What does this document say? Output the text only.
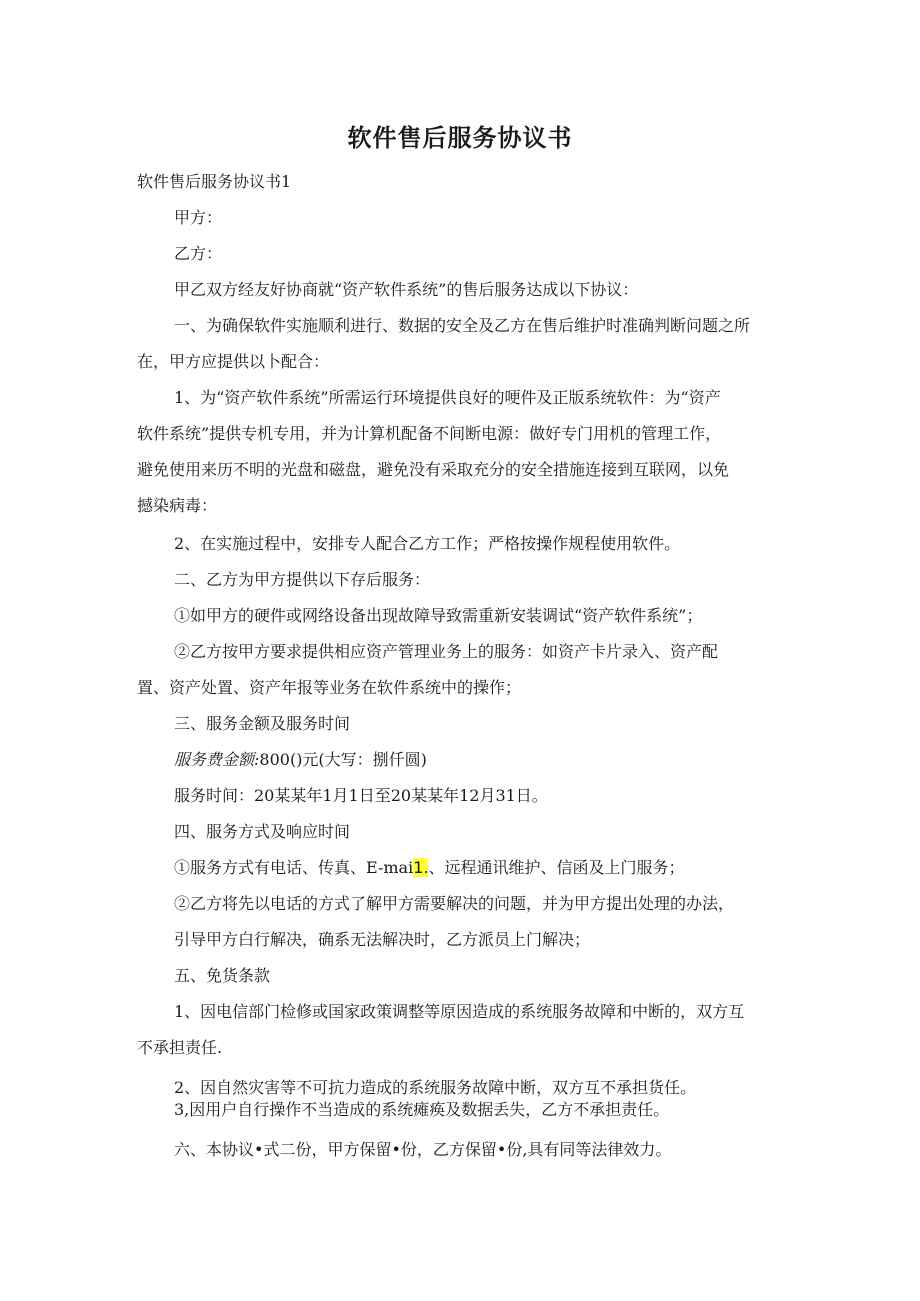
软件售后服务协议书
软件售后服务协议书1
甲方：
乙方：
甲乙双方经友好协商就“资产软件系统”的售后服务达成以下协议：
一、为确保软件实施顺利进行、数据的安全及乙方在售后维护时准确判断问题之所
在，甲方应提供以卜配合：
1、为“资产软件系统”所需运行环境提供良好的哽件及正版系统软件：为“资产
软件系统”提供专机专用，并为计算机配备不间断电源：做好专门用机的管理工作，
避免使用来历不明的光盘和磁盘，避免没有采取充分的安全措施连接到互联网，以免
撼染病毒：
2、在实施过程中，安排专人配合乙方工作；严格按操作规程使用软件。
二、乙方为甲方提供以下存后服务：
①如甲方的硬件或网络设备出现故障导致需重新安装调试“资产软件系统”；
②乙方按甲方要求提供相应资产管理业务上的服务：如资产卡片录入、资产配
置、资产处置、资产年报等业务在软件系统中的操作；
三、服务金额及服务时间
服务费金额:800()元(大写：捌仟圆)
服务时间：20某某年1月1日至20某某年12月31日。
四、服务方式及响应时间
①服务方式有电话、传真、E-mai1.、远程通讯维护、信函及上门服务；
②乙方将先以电话的方式了解甲方需要解决的问题，并为甲方提出处理的办法，
引导甲方白行解决，确系无法解决时，乙方派员上门解决；
五、免货条款
1、因电信部门检修或国家政策调整等原因造成的系统服务故障和中断的，双方互
不承担责任.
2、因自然灾害等不可抗力造成的系统服务故障中断，双方互不承担货任。
3,因用户自行操作不当造成的系统瘫痪及数据丢失，乙方不承担责任。
六、本协议•式二份，甲方保留•份，乙方保留•份,具有同等法律效力。
